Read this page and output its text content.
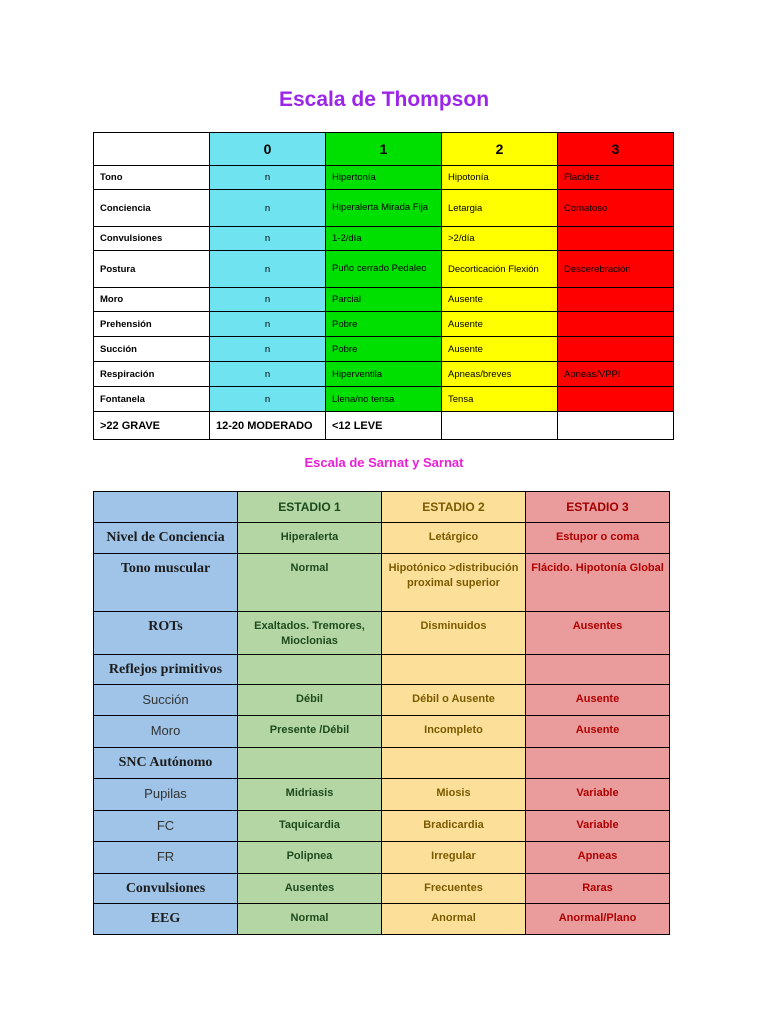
Escala de Thompson
	0	1	2	3
Tono	n	Hipertonía	Hipotonía	Flacidez
Conciencia	n	Hiperalerta Mirada Fija	Letargia	Comatoso
Convulsiones	n	1-2/día	>2/día	
Postura	n	Puño cerrado Pedaleo	Decorticación Flexión	Descerebración
Moro	n	Parcial	Ausente	
Prehensión	n	Pobre	Ausente	
Succión	n	Pobre	Ausente	
Respiración	n	Hiperventila	Apneas/breves	Apneas/VPPI
Fontanela	n	Llena/no tensa	Tensa	
>22 GRAVE	12-20 MODERADO	<12 LEVE		
Escala de Sarnat y Sarnat
	ESTADIO 1	ESTADIO 2	ESTADIO 3
Nivel de Conciencia	Hiperalerta	Letárgico	Estupor o coma
Tono muscular	Normal	Hipotónico >distribución proximal superior	Flácido. Hipotonía Global
ROTs	Exaltados. Tremores, Mioclonias	Disminuidos	Ausentes
Reflejos primitivos			
Succión	Débil	Débil o Ausente	Ausente
Moro	Presente /Débil	Incompleto	Ausente
SNC Autónomo			
Pupilas	Midriasis	Miosis	Variable
FC	Taquicardia	Bradicardia	Variable
FR	Polipnea	Irregular	Apneas
Convulsiones	Ausentes	Frecuentes	Raras
EEG	Normal	Anormal	Anormal/Plano
